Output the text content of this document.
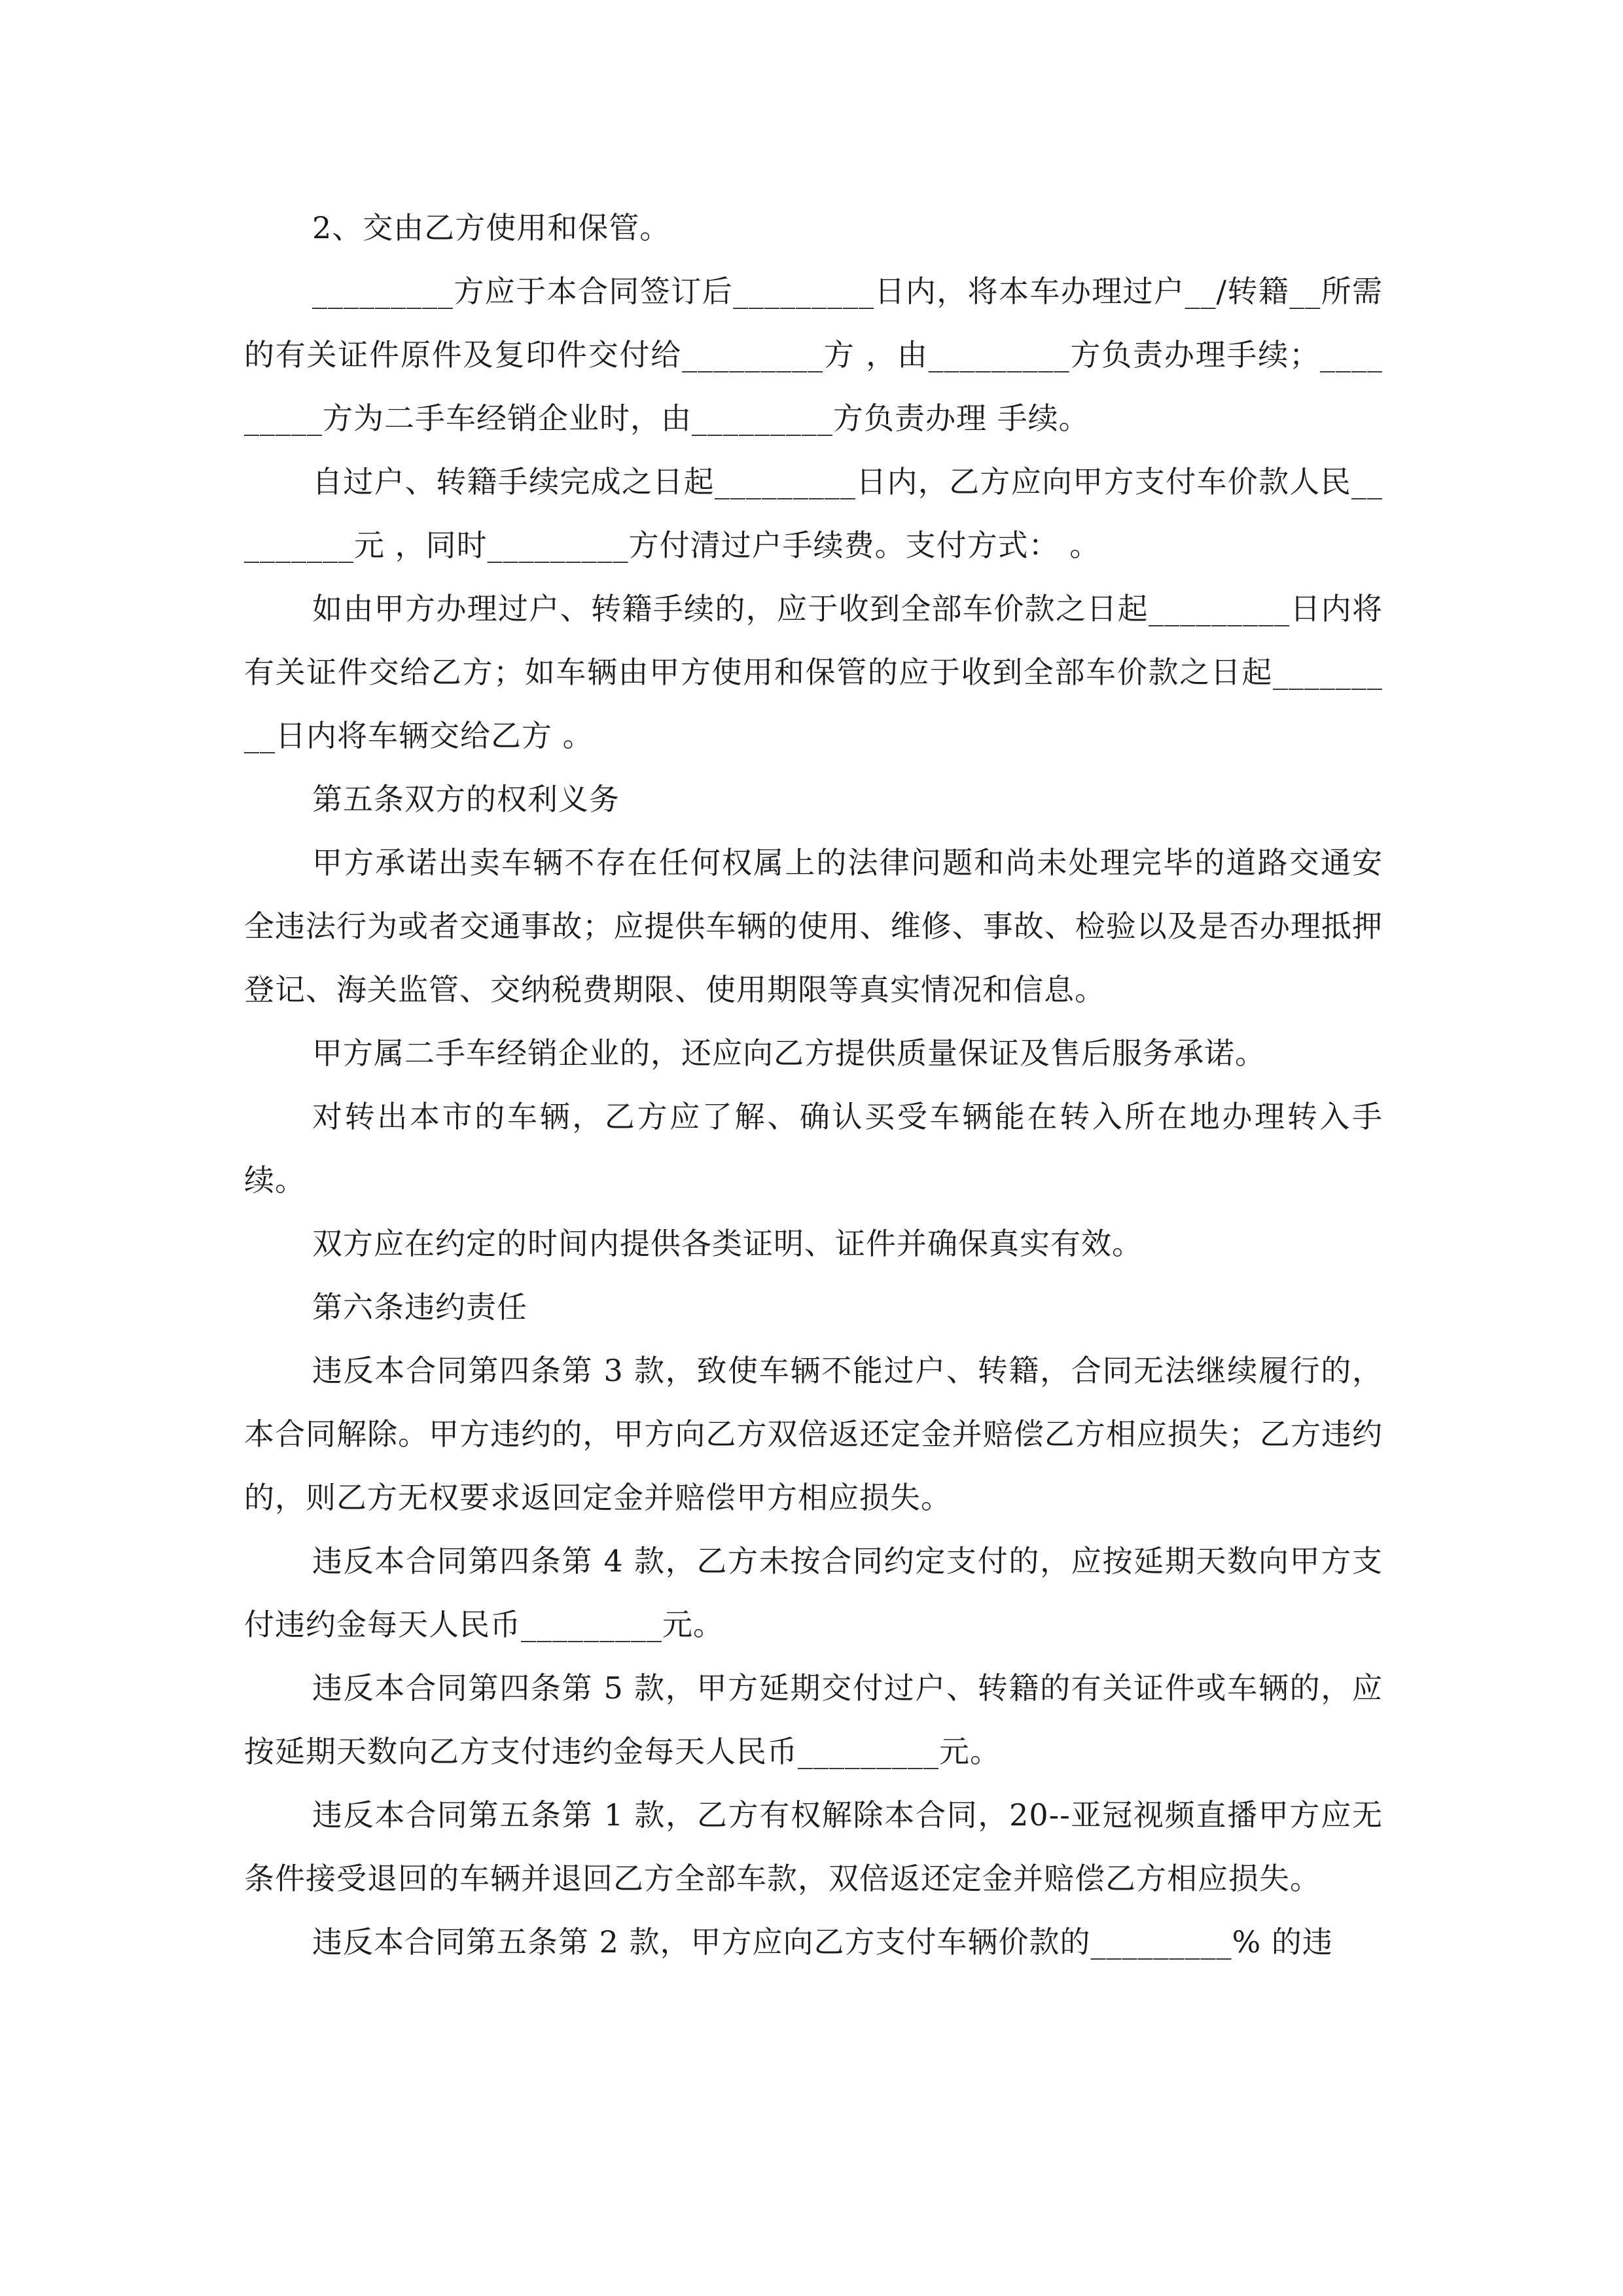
2、交由乙方使用和保管。

_________方应于本合同签订后_________日内，将本车办理过户__/转籍__所需的有关证件原件及复印件交付给_________方 ，由_________方负责办理手续；_________方为二手车经销企业时，由_________方负责办理 手续。

自过户、转籍手续完成之日起_________日内，乙方应向甲方支付车价款人民_________元 ，同时_________方付清过户手续费。支付方式： 。

如由甲方办理过户、转籍手续的，应于收到全部车价款之日起_________日内将有关证件交给乙方；如车辆由甲方使用和保管的应于收到全部车价款之日起_________日内将车辆交给乙方 。

第五条双方的权利义务

甲方承诺出卖车辆不存在任何权属上的法律问题和尚未处理完毕的道路交通安全违法行为或者交通事故；应提供车辆的使用、维修、事故、检验以及是否办理抵押登记、海关监管、交纳税费期限、使用期限等真实情况和信息。

甲方属二手车经销企业的，还应向乙方提供质量保证及售后服务承诺。

对转出本市的车辆，乙方应了解、确认买受车辆能在转入所在地办理转入手续。

双方应在约定的时间内提供各类证明、证件并确保真实有效。

第六条违约责任

违反本合同第四条第 3 款，致使车辆不能过户、转籍，合同无法继续履行的，本合同解除。甲方违约的，甲方向乙方双倍返还定金并赔偿乙方相应损失；乙方违约的，则乙方无权要求返回定金并赔偿甲方相应损失。

违反本合同第四条第 4 款，乙方未按合同约定支付的，应按延期天数向甲方支付违约金每天人民币_________元。

违反本合同第四条第 5 款，甲方延期交付过户、转籍的有关证件或车辆的，应按延期天数向乙方支付违约金每天人民币_________元。

违反本合同第五条第 1 款，乙方有权解除本合同，20--亚冠视频直播甲方应无条件接受退回的车辆并退回乙方全部车款，双倍返还定金并赔偿乙方相应损失。

违反本合同第五条第 2 款，甲方应向乙方支付车辆价款的_________% 的违
